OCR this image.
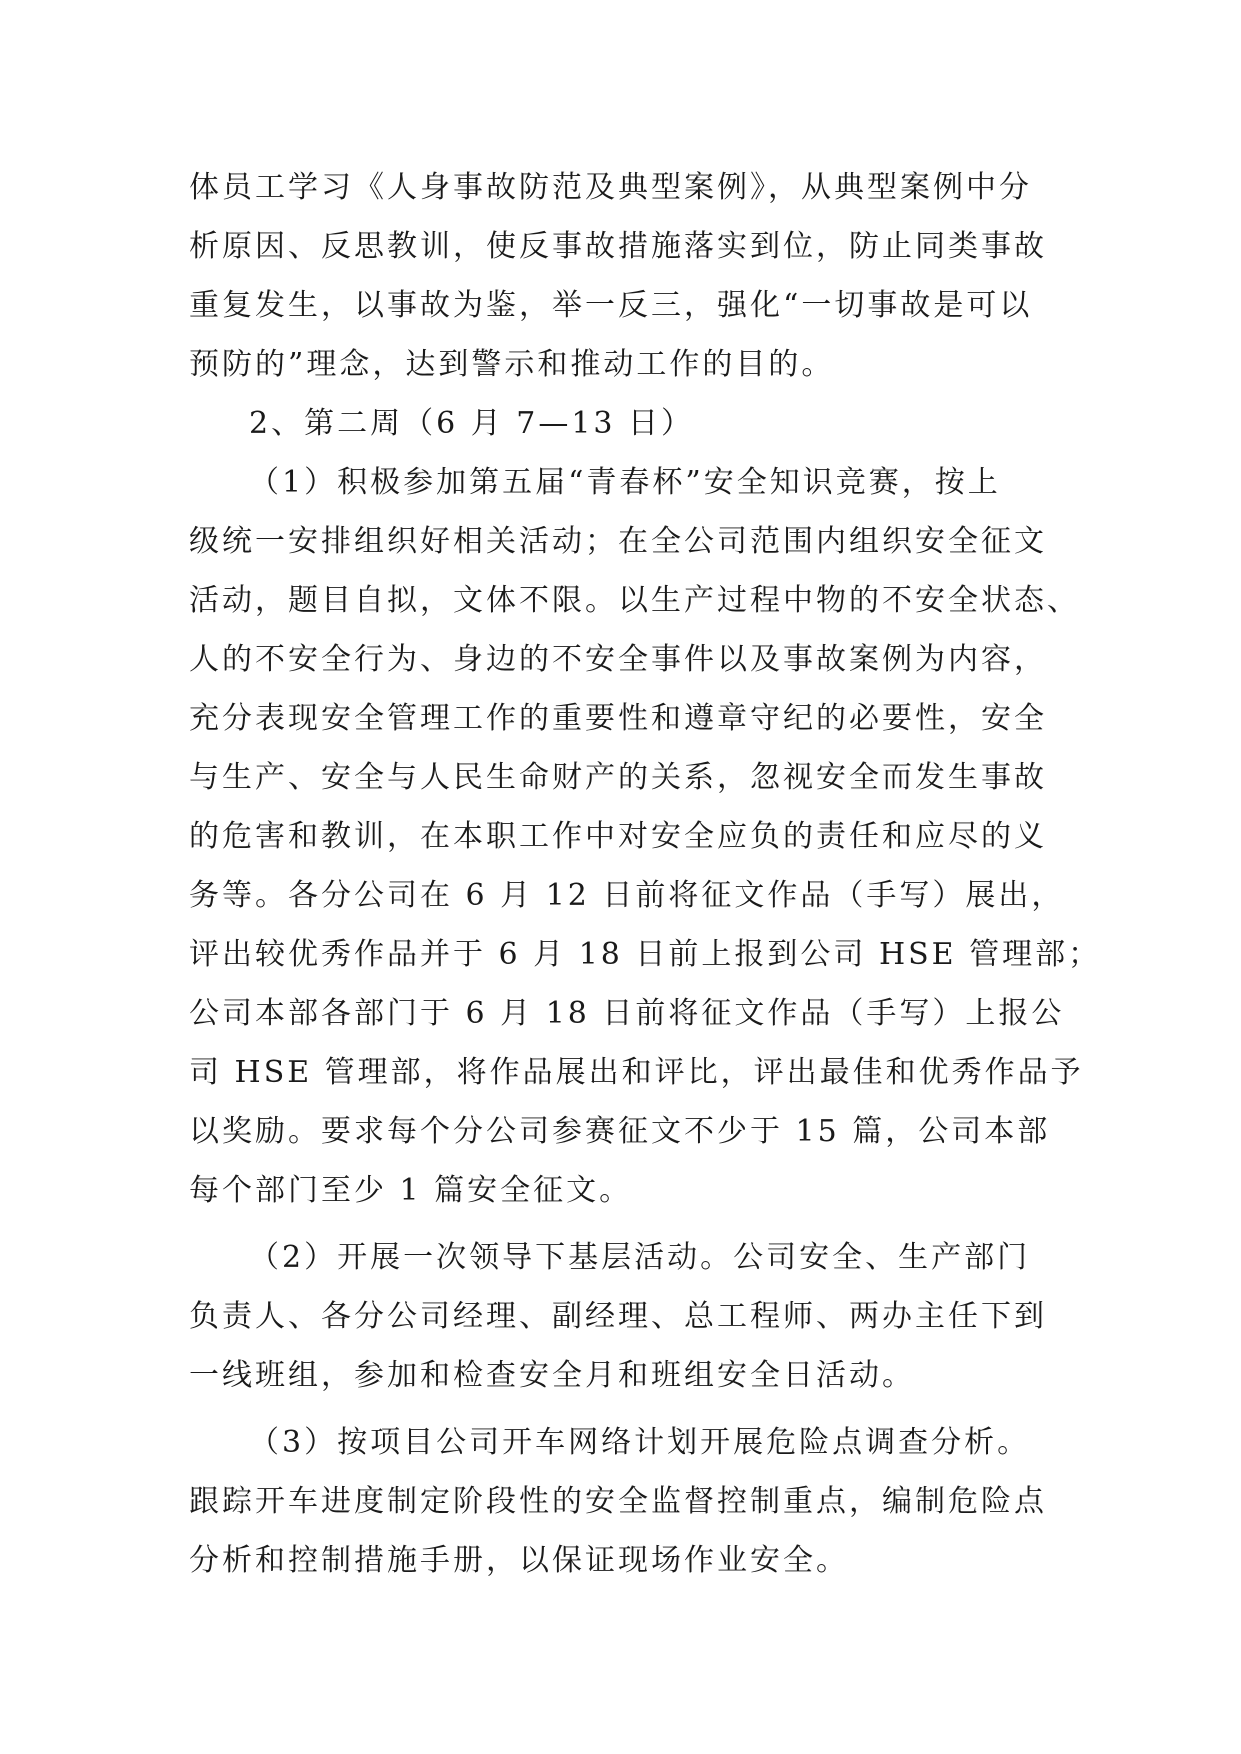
体员工学习《人身事故防范及典型案例》，从典型案例中分
析原因、反思教训，使反事故措施落实到位，防止同类事故
重复发生，以事故为鉴，举一反三，强化“一切事故是可以
预防的”理念，达到警示和推动工作的目的。
2、第二周（6 月 7—13 日）
（1）积极参加第五届“青春杯”安全知识竞赛，按上
级统一安排组织好相关活动；在全公司范围内组织安全征文
活动，题目自拟，文体不限。以生产过程中物的不安全状态、
人的不安全行为、身边的不安全事件以及事故案例为内容，
充分表现安全管理工作的重要性和遵章守纪的必要性，安全
与生产、安全与人民生命财产的关系，忽视安全而发生事故
的危害和教训，在本职工作中对安全应负的责任和应尽的义
务等。各分公司在 6 月 12 日前将征文作品（手写）展出，
评出较优秀作品并于 6 月 18 日前上报到公司 HSE 管理部；
公司本部各部门于 6 月 18 日前将征文作品（手写）上报公
司 HSE 管理部，将作品展出和评比，评出最佳和优秀作品予
以奖励。要求每个分公司参赛征文不少于 15 篇，公司本部
每个部门至少 1 篇安全征文。
（2）开展一次领导下基层活动。公司安全、生产部门
负责人、各分公司经理、副经理、总工程师、两办主任下到
一线班组，参加和检查安全月和班组安全日活动。
（3）按项目公司开车网络计划开展危险点调查分析。
跟踪开车进度制定阶段性的安全监督控制重点，编制危险点
分析和控制措施手册，以保证现场作业安全。
